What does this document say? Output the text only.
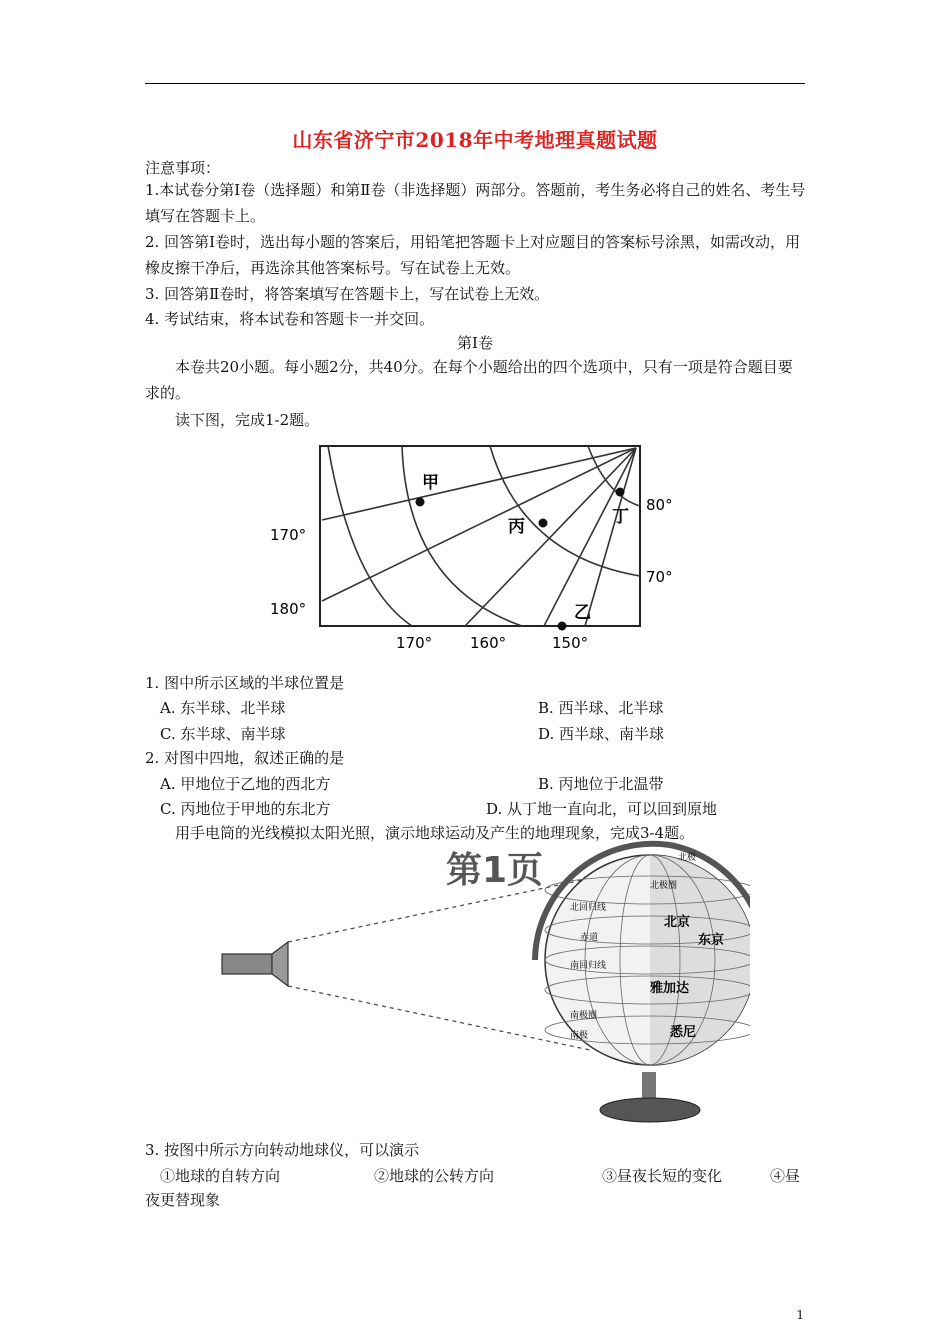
山东省济宁市2018年中考地理真题试题
注意事项：
1.本试卷分第Ⅰ卷（选择题）和第Ⅱ卷（非选择题）两部分。答题前，考生务必将自己的姓名、考生号填写在答题卡上。
2. 回答第Ⅰ卷时，选出每小题的答案后，用铅笔把答题卡上对应题目的答案标号涂黑，如需改动，用橡皮擦干净后，再选涂其他答案标号。写在试卷上无效。
3. 回答第Ⅱ卷时，将答案填写在答题卡上，写在试卷上无效。
4. 考试结束，将本试卷和答题卡一并交回。
第Ⅰ卷
本卷共20小题。每小题2分，共40分。在每个小题给出的四个选项中，只有一项是符合题目要求的。
读下图，完成1-2题。
甲
丙	丁
乙
170°
180°
80°
70°
170°	160°	150°
1. 图中所示区域的半球位置是
A. 东半球、北半球	B. 西半球、北半球
C. 东半球、南半球	D. 西半球、南半球
2. 对图中四地，叙述正确的是
A. 甲地位于乙地的西北方	B. 丙地位于北温带
C. 丙地位于甲地的东北方	D. 从丁地一直向北，可以回到原地
用手电筒的光线模拟太阳光照，演示地球运动及产生的地理现象，完成3-4题。
第1页	北极
北极圈
北回归线
赤道
南回归线
南极圈
南极
北京
东京
雅加达
悉尼
3. 按图中所示方向转动地球仪，可以演示
①地球的自转方向	②地球的公转方向	③昼夜长短的变化	④昼
夜更替现象
1
